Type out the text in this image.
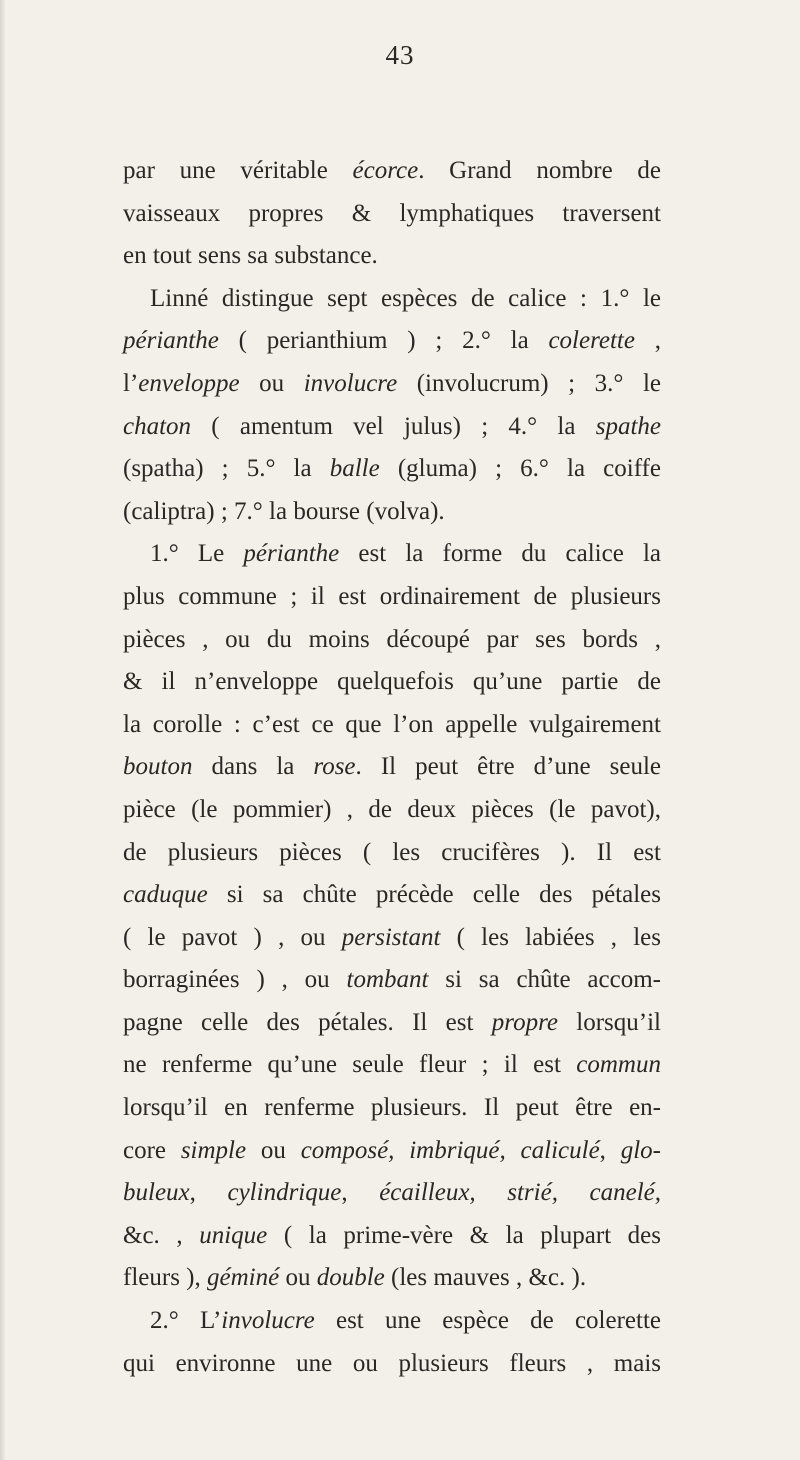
43
par une véritable écorce. Grand nombre de
vaisseaux propres & lymphatiques traversent
en tout sens sa substance.
Linné distingue sept espèces de calice : 1.° le
périanthe ( perianthium ) ; 2.° la colerette ,
l’enveloppe ou involucre (involucrum) ; 3.° le
chaton ( amentum vel julus) ; 4.° la spathe
(spatha) ; 5.° la balle (gluma) ; 6.° la coiffe
(caliptra) ; 7.° la bourse (volva).
1.° Le périanthe est la forme du calice la
plus commune ; il est ordinairement de plusieurs
pièces , ou du moins découpé par ses bords ,
& il n’enveloppe quelquefois qu’une partie de
la corolle : c’est ce que l’on appelle vulgairement
bouton dans la rose. Il peut être d’une seule
pièce (le pommier) , de deux pièces (le pavot),
de plusieurs pièces ( les crucifères ). Il est
caduque si sa chûte précède celle des pétales
( le pavot ) , ou persistant ( les labiées , les
borraginées ) , ou tombant si sa chûte accom-
pagne celle des pétales. Il est propre lorsqu’il
ne renferme qu’une seule fleur ; il est commun
lorsqu’il en renferme plusieurs. Il peut être en-
core simple ou composé, imbriqué, caliculé, glo-
buleux, cylindrique, écailleux, strié, canelé,
&c. , unique ( la prime-vère & la plupart des
fleurs ), géminé ou double (les mauves , &c. ).
2.° L’involucre est une espèce de colerette
qui environne une ou plusieurs fleurs , mais
